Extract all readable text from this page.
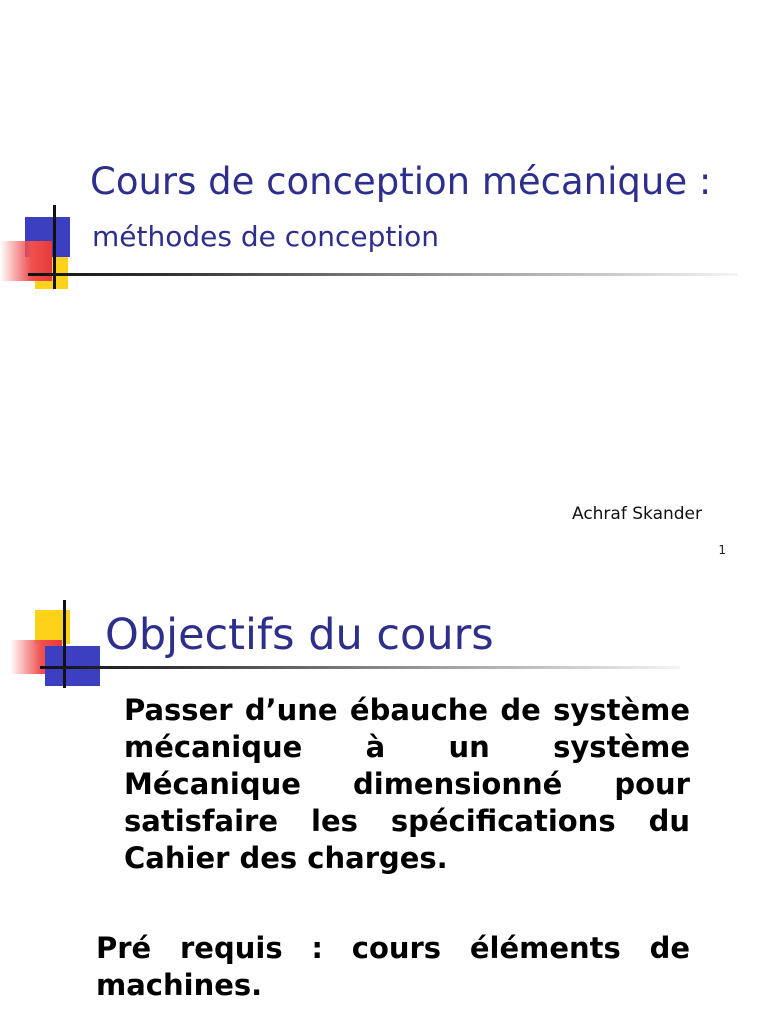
Cours de conception mécanique :
méthodes de conception
Achraf Skander
1
Objectifs du cours
Passer d’une ébauche de système mécanique à un système Mécanique dimensionné pour satisfaire les spécifications du Cahier des charges.
Pré requis : cours éléments de machines.
